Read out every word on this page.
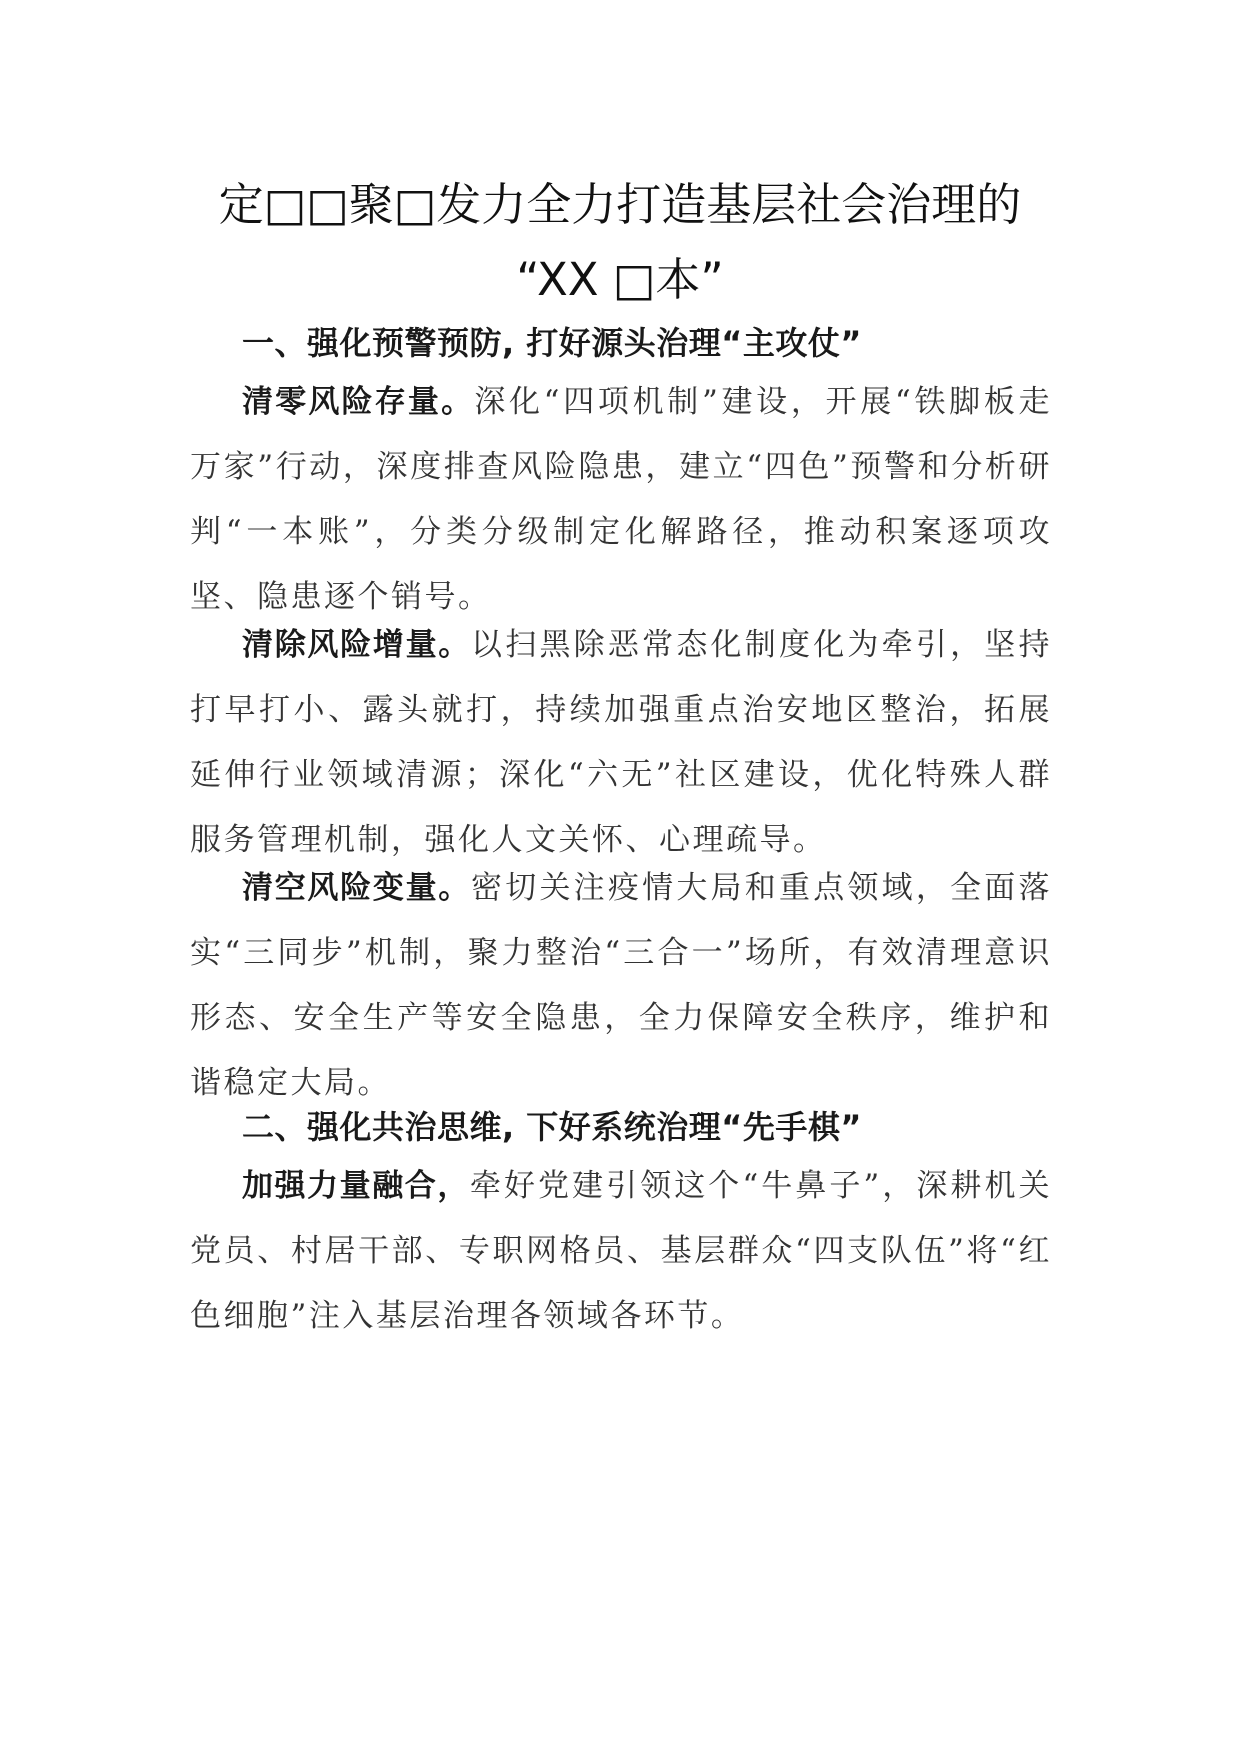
定□□聚□发力全力打造基层社会治理的
“XX □本”
一、强化预警预防, 打好源头治理“主攻仗”

清零风险存量。深化“四项机制”建设，开展“铁脚板走万家”行动，深度排查风险隐患，建立“四色”预警和分析研判“一本账”，分类分级制定化解路径，推动积案逐项攻坚、隐患逐个销号。

清除风险增量。以扫黑除恶常态化制度化为牵引，坚持打早打小、露头就打，持续加强重点治安地区整治，拓展延伸行业领域清源；深化“六无”社区建设，优化特殊人群服务管理机制，强化人文关怀、心理疏导。

清空风险变量。密切关注疫情大局和重点领域，全面落实“三同步”机制，聚力整治“三合一”场所，有效清理意识形态、安全生产等安全隐患，全力保障安全秩序，维护和谐稳定大局。

二、强化共治思维, 下好系统治理“先手棋”

加强力量融合，牵好党建引领这个“牛鼻子”，深耕机关党员、村居干部、专职网格员、基层群众“四支队伍”将“红色细胞”注入基层治理各领域各环节。
